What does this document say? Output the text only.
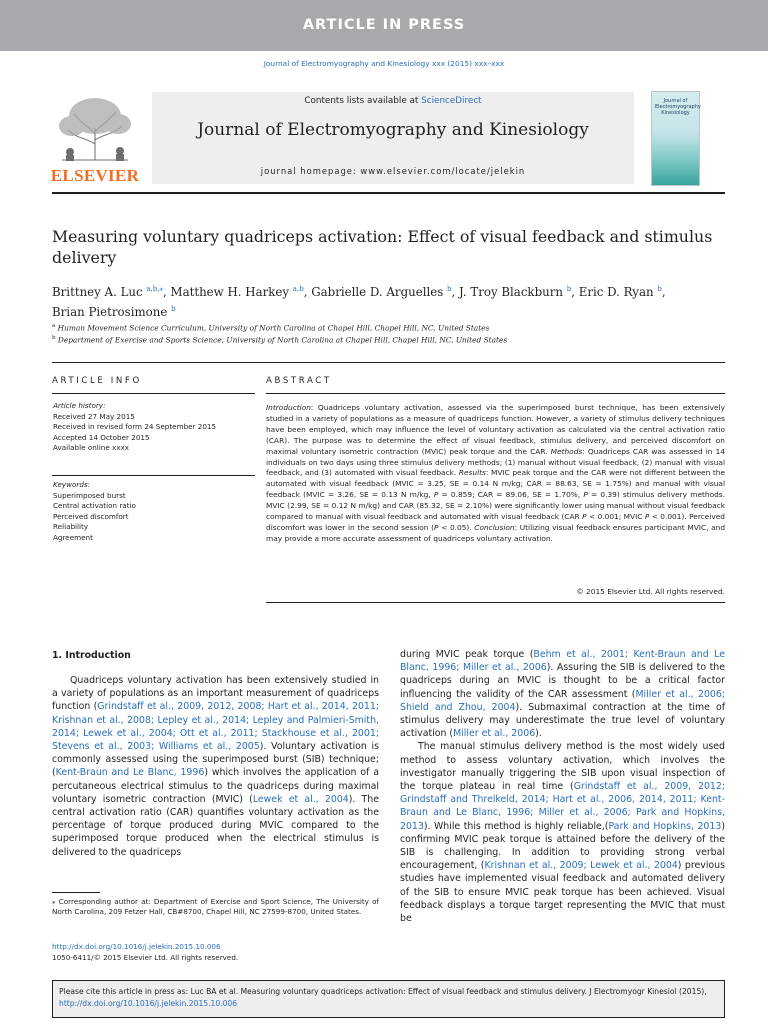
ARTICLE IN PRESS
Journal of Electromyography and Kinesiology xxx (2015) xxx–xxx
ELSEVIER
Contents lists available at ScienceDirect
Journal of Electromyography and Kinesiology
journal homepage: www.elsevier.com/locate/jelekin
Journal of
Electromyography
Kinesiology
Measuring voluntary quadriceps activation: Effect of visual feedback and stimulus delivery
Brittney A. Luc $^{a,b,⁎}$, Matthew H. Harkey $^{a,b}$, Gabrielle D. Arguelles $^b$, J. Troy Blackburn $^b$, Eric D. Ryan $^b$,
Brian Pietrosimone $^b$
$^a$ Human Movement Science Curriculum, University of North Carolina at Chapel Hill, Chapel Hill, NC, United States
$^b$ Department of Exercise and Sports Science, University of North Carolina at Chapel Hill, Chapel Hill, NC, United States
ARTICLE INFO
Article history:
Received 27 May 2015
Received in revised form 24 September 2015
Accepted 14 October 2015
Available online xxxx
Keywords:
Superimposed burst
Central activation ratio
Perceived discomfort
Reliability
Agreement
ABSTRACT
Introduction: Quadriceps voluntary activation, assessed via the superimposed burst technique, has been extensively studied in a variety of populations as a measure of quadriceps function. However, a variety of stimulus delivery techniques have been employed, which may influence the level of voluntary activation as calculated via the central activation ratio (CAR). The purpose was to determine the effect of visual feedback, stimulus delivery, and perceived discomfort on maximal voluntary isometric contraction (MVIC) peak torque and the CAR. Methods: Quadriceps CAR was assessed in 14 individuals on two days using three stimulus delivery methods; (1) manual without visual feedback, (2) manual with visual feedback, and (3) automated with visual feedback. Results: MVIC peak torque and the CAR were not different between the automated with visual feedback (MVIC = 3.25, SE = 0.14 N m/kg; CAR = 88.63, SE = 1.75%) and manual with visual feedback (MVIC = 3.26, SE = 0.13 N m/kg, P = 0.859; CAR = 89.06, SE = 1.70%, P = 0.39) stimulus delivery methods. MVIC (2.99, SE = 0.12 N m/kg) and CAR (85.32, SE = 2.10%) were significantly lower using manual without visual feedback compared to manual with visual feedback and automated with visual feedback (CAR P < 0.001; MVIC P < 0.001). Perceived discomfort was lower in the second session (P < 0.05). Conclusion: Utilizing visual feedback ensures participant MVIC, and may provide a more accurate assessment of quadriceps voluntary activation.
© 2015 Elsevier Ltd. All rights reserved.
1. Introduction
Quadriceps voluntary activation has been extensively studied in a variety of populations as an important measurement of quadriceps function (Grindstaff et al., 2009, 2012, 2008; Hart et al., 2014, 2011; Krishnan et al., 2008; Lepley et al., 2014; Lepley and Palmieri-Smith, 2014; Lewek et al., 2004; Ott et al., 2011; Stackhouse et al., 2001; Stevens et al., 2003; Williams et al., 2005). Voluntary activation is commonly assessed using the superimposed burst (SIB) technique; (Kent-Braun and Le Blanc, 1996) which involves the application of a percutaneous electrical stimulus to the quadriceps during maximal voluntary isometric contraction (MVIC) (Lewek et al., 2004). The central activation ratio (CAR) quantifies voluntary activation as the percentage of torque produced during MVIC compared to the superimposed torque produced when the electrical stimulus is delivered to the quadriceps

during MVIC peak torque (Behm et al., 2001; Kent-Braun and Le Blanc, 1996; Miller et al., 2006). Assuring the SIB is delivered to the quadriceps during an MVIC is thought to be a critical factor influencing the validity of the CAR assessment (Miller et al., 2006; Shield and Zhou, 2004). Submaximal contraction at the time of stimulus delivery may underestimate the true level of voluntary activation (Miller et al., 2006).

The manual stimulus delivery method is the most widely used method to assess voluntary activation, which involves the investigator manually triggering the SIB upon visual inspection of the torque plateau in real time (Grindstaff et al., 2009, 2012; Grindstaff and Threlkeld, 2014; Hart et al., 2006, 2014, 2011; Kent-Braun and Le Blanc, 1996; Miller et al., 2006; Park and Hopkins, 2013). While this method is highly reliable,(Park and Hopkins, 2013) confirming MVIC peak torque is attained before the delivery of the SIB is challenging. In addition to providing strong verbal encouragement, (Krishnan et al., 2009; Lewek et al., 2004) previous studies have implemented visual feedback and automated delivery of the SIB to ensure MVIC peak torque has been achieved. Visual feedback displays a torque target representing the MVIC that must be

⁎ Corresponding author at: Department of Exercise and Sport Science, The University of North Carolina, 209 Fetzer Hall, CB#8700, Chapel Hill, NC 27599-8700, United States.
http://dx.doi.org/10.1016/j.jelekin.2015.10.006
1050-6411/© 2015 Elsevier Ltd. All rights reserved.
Please cite this article in press as: Luc BA et al. Measuring voluntary quadriceps activation: Effect of visual feedback and stimulus delivery. J Electromyogr Kinesiol (2015), http://dx.doi.org/10.1016/j.jelekin.2015.10.006
